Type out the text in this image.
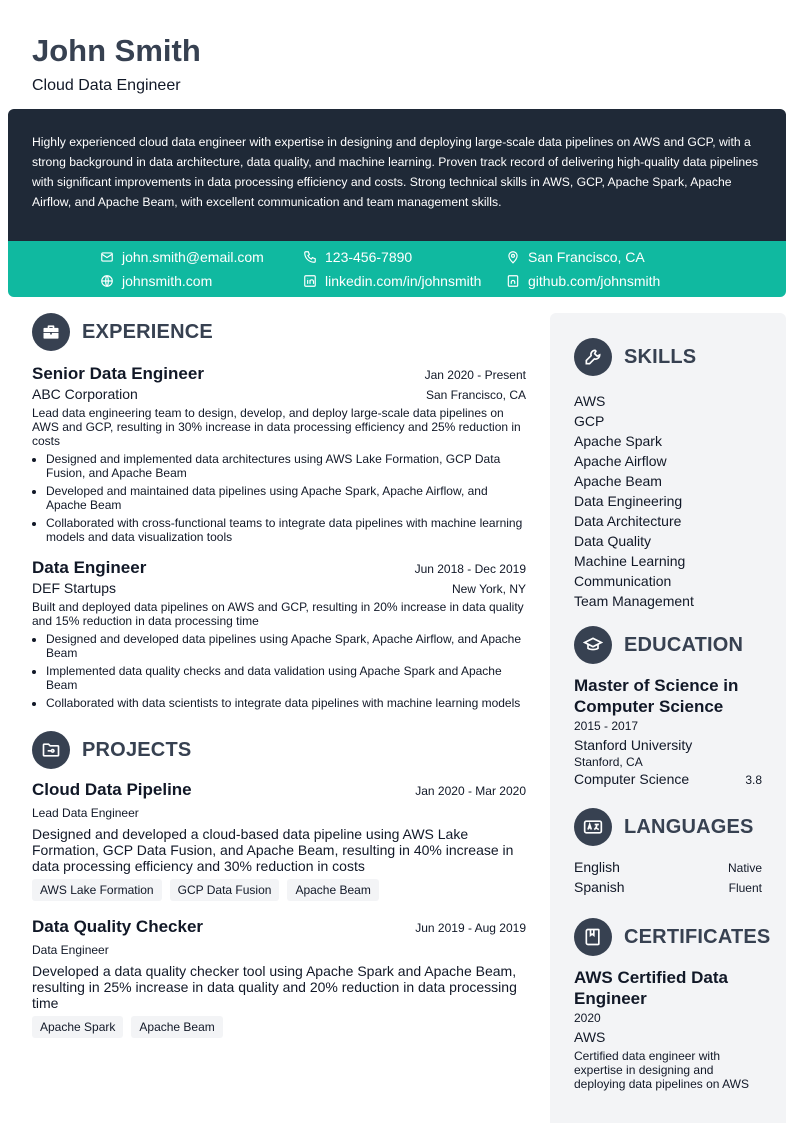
John Smith
Cloud Data Engineer

Highly experienced cloud data engineer with expertise in designing and deploying large-scale data pipelines on AWS and GCP, with a strong background in data architecture, data quality, and machine learning. Proven track record of delivering high-quality data pipelines with significant improvements in data processing efficiency and costs. Strong technical skills in AWS, GCP, Apache Spark, Apache Airflow, and Apache Beam, with excellent communication and team management skills.

john.smith@email.com	123-456-7890	San Francisco, CA
johnsmith.com	linkedin.com/in/johnsmith	github.com/johnsmith
EXPERIENCE
Senior Data Engineer	Jan 2020 - Present
ABC Corporation	San Francisco, CA
Lead data engineering team to design, develop, and deploy large-scale data pipelines on AWS and GCP, resulting in 30% increase in data processing efficiency and 25% reduction in costs
• Designed and implemented data architectures using AWS Lake Formation, GCP Data Fusion, and Apache Beam
• Developed and maintained data pipelines using Apache Spark, Apache Airflow, and Apache Beam
• Collaborated with cross-functional teams to integrate data pipelines with machine learning models and data visualization tools
Data Engineer	Jun 2018 - Dec 2019
DEF Startups	New York, NY
Built and deployed data pipelines on AWS and GCP, resulting in 20% increase in data quality and 15% reduction in data processing time
• Designed and developed data pipelines using Apache Spark, Apache Airflow, and Apache Beam
• Implemented data quality checks and data validation using Apache Spark and Apache Beam
• Collaborated with data scientists to integrate data pipelines with machine learning models
PROJECTS
Cloud Data Pipeline	Jan 2020 - Mar 2020
Lead Data Engineer
Designed and developed a cloud-based data pipeline using AWS Lake Formation, GCP Data Fusion, and Apache Beam, resulting in 40% increase in data processing efficiency and 30% reduction in costs
AWS Lake Formation	GCP Data Fusion	Apache Beam
Data Quality Checker	Jun 2019 - Aug 2019
Data Engineer
Developed a data quality checker tool using Apache Spark and Apache Beam, resulting in 25% increase in data quality and 20% reduction in data processing time
Apache Spark	Apache Beam
SKILLS
AWS
GCP
Apache Spark
Apache Airflow
Apache Beam
Data Engineering
Data Architecture
Data Quality
Machine Learning
Communication
Team Management
EDUCATION
Master of Science in Computer Science
2015 - 2017
Stanford University
Stanford, CA
Computer Science	3.8
LANGUAGES
English	Native
Spanish	Fluent
CERTIFICATES
AWS Certified Data Engineer
2020
AWS
Certified data engineer with expertise in designing and deploying data pipelines on AWS
